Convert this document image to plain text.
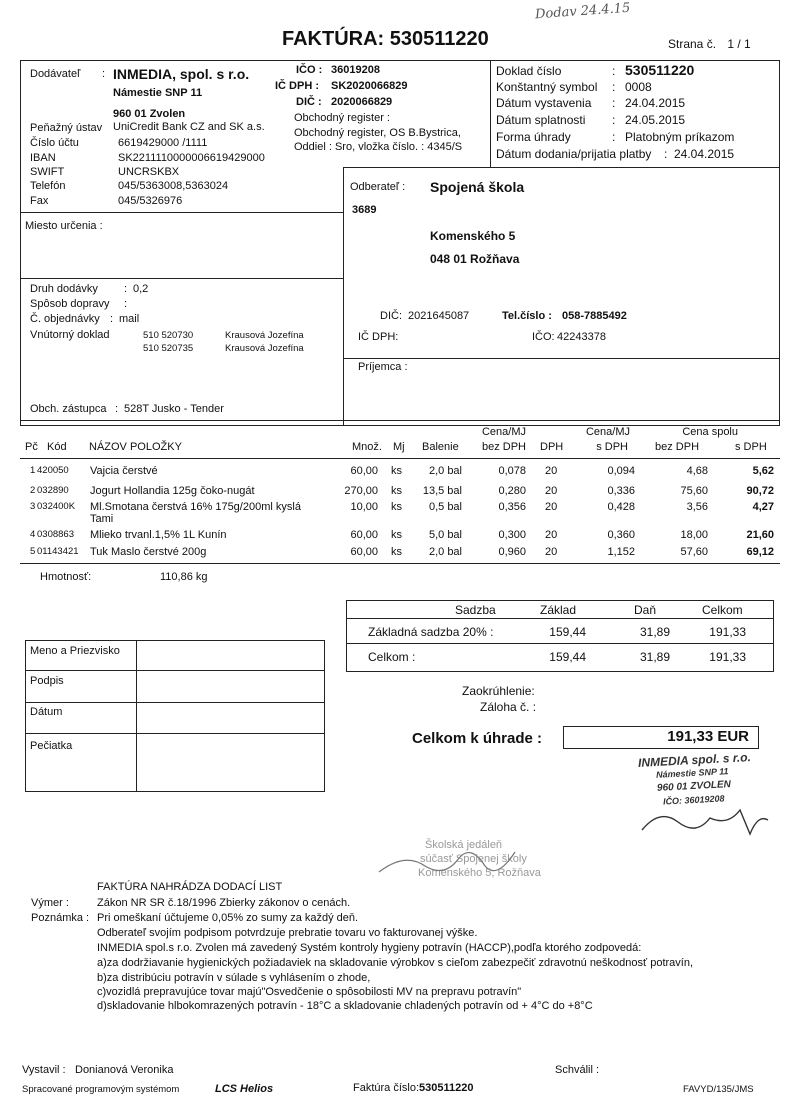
Dodav 24.4.15
FAKTÚRA: 530511220	Strana č. 1 / 1
Dodávateľ : INMEDIA, spol. s r.o.
Námestie SNP 11
960 01 Zvolen
IČO : 36019208
IČ DPH : SK2020066829
DIČ : 2020066829
Obchodný register :
Obchodný register, OS B.Bystrica,
Oddiel : Sro, vložka číslo. : 4345/S
Peňažný ústav UniCredit Bank CZ and SK a.s.
Číslo účtu	6619429000 /1111
IBAN	SK2211110000006619429000
SWIFT	UNCRSKBX
Telefón	045/5363008,5363024
Fax	045/5326976
Doklad číslo	: 530511220
Konštantný symbol : 0008
Dátum vystavenia : 24.04.2015
Dátum splatnosti : 24.05.2015
Forma úhrady	: Platobným príkazom
Dátum dodania/prijatia platby : 24.04.2015
Odberateľ : Spojená škola
3689
Komenského 5
048 01 Rožňava
DIČ: 2021645087	Tel.číslo : 058-7885492
IČ DPH:	IČO: 42243378
Príjemca :
Miesto určenia :
Druh dodávky : 0,2
Spôsob dopravy :
Č. objednávky : mail
Vnútorný doklad	510 520730	Krausová Jozefína
510 520735	Krausová Jozefína
Obch. zástupca : 528T Jusko - Tender
Cena/MJ	Cena/MJ	Cena spolu
Pč Kód NÁZOV POLOŽKY	Množ. Mj Balenie	bez DPH DPH	s DPH bez DPH	s DPH
1 420050 Vajcia čerstvé	60,00 ks	2,0 bal	0,078 20	0,094	4,68	5,62
2 032890 Jogurt Hollandia 125g čoko-nugát	270,00 ks	13,5 bal	0,280 20	0,336	75,60	90,72
3 032400K Ml.Smotana čerstvá 16% 175g/200ml kyslá	10,00 ks	0,5 bal	0,356 20	0,428	3,56	4,27
Tami
4 0308863 Mlieko trvanl.1,5% 1L Kunín	60,00 ks	5,0 bal	0,300 20	0,360	18,00	21,60
5 01143421 Tuk Maslo čerstvé 200g	60,00 ks	2,0 bal	0,960 20	1,152	57,60	69,12
Hmotnosť:	110,86 kg
Sadzba	Základ	Daň	Celkom
Základná sadzba 20% :	159,44	31,89	191,33
Celkom :	159,44	31,89	191,33
Zaokrúhlenie:
Záloha č. :
Celkom k úhrade :	191,33 EUR
Meno a Priezvisko
Podpis
Dátum
Pečiatka
INMEDIA spol. s r.o.
Námestie SNP 11
960 01 ZVOLEN
IČO: 36019208
Školská jedáleň
súčasť Spojenej školy
Komenského 5, Rožňava
FAKTÚRA NAHRÁDZA DODACÍ LIST
Výmer :	Zákon NR SR č.18/1996 Zbierky zákonov o cenách.
Poznámka : Pri omeškaní účtujeme 0,05% zo sumy za každý deň.
Odberateľ svojím podpisom potvrdzuje prebratie tovaru vo fakturovanej výške.
INMEDIA spol.s r.o. Zvolen má zavedený Systém kontroly hygieny potravín (HACCP),podľa ktorého zodpovedá:
a)za dodržiavanie hygienických požiadaviek na skladovanie výrobkov s cieľom zabezpečiť zdravotnú neškodnosť potravín,
b)za distribúciu potravín v súlade s vyhlásením o zhode,
c)vozidlá prepravujúce tovar majú"Osvedčenie o spôsobilosti MV na prepravu potravín"
d)skladovanie hlbokomrazených potravín - 18°C a skladovanie chladených potravín od + 4°C do +8°C
Vystavil : Donianová Veronika	Schválil :
Spracované programovým systémom	LCS Helios	Faktúra číslo:530511220	FAVYD/135/JMS
